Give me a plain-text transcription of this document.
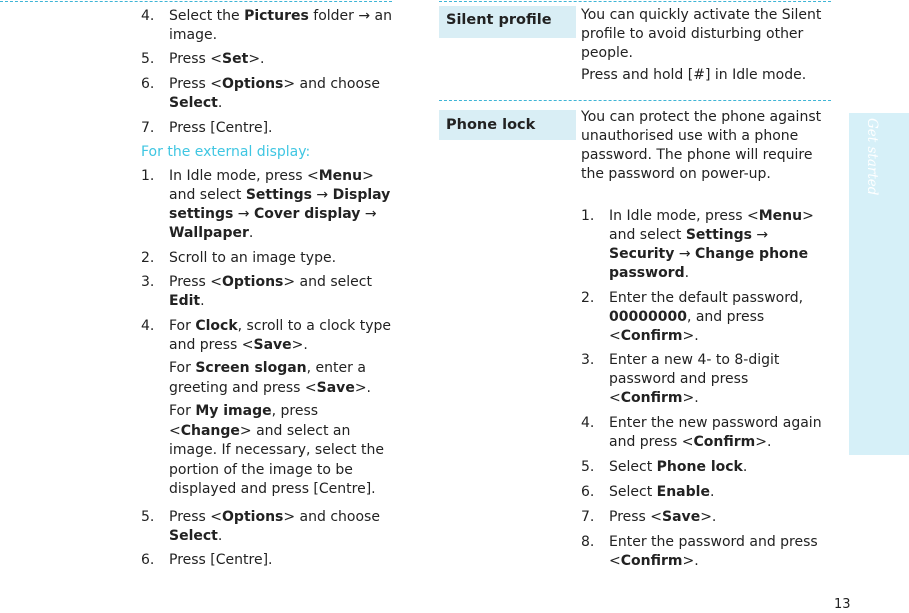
4. Select the Pictures folder → an image.
5. Press <Set>.
6. Press <Options> and choose Select.
7. Press [Centre].
For the external display:
1. In Idle mode, press <Menu> and select Settings → Display settings → Cover display → Wallpaper.
2. Scroll to an image type.
3. Press <Options> and select Edit.
4. For Clock, scroll to a clock type and press <Save>.
For Screen slogan, enter a greeting and press <Save>.
For My image, press <Change> and select an image. If necessary, select the portion of the image to be displayed and press [Centre].
5. Press <Options> and choose Select.
6. Press [Centre].
Silent profile	You can quickly activate the Silent profile to avoid disturbing other people.
Press and hold [#] in Idle mode.
Phone lock	You can protect the phone against unauthorised use with a phone password. The phone will require the password on power-up.
1. In Idle mode, press <Menu> and select Settings → Security → Change phone password.
2. Enter the default password, 00000000, and press <Confirm>.
3. Enter a new 4- to 8-digit password and press <Confirm>.
4. Enter the new password again and press <Confirm>.
5. Select Phone lock.
6. Select Enable.
7. Press <Save>.
8. Enter the password and press <Confirm>.
Get started
13
